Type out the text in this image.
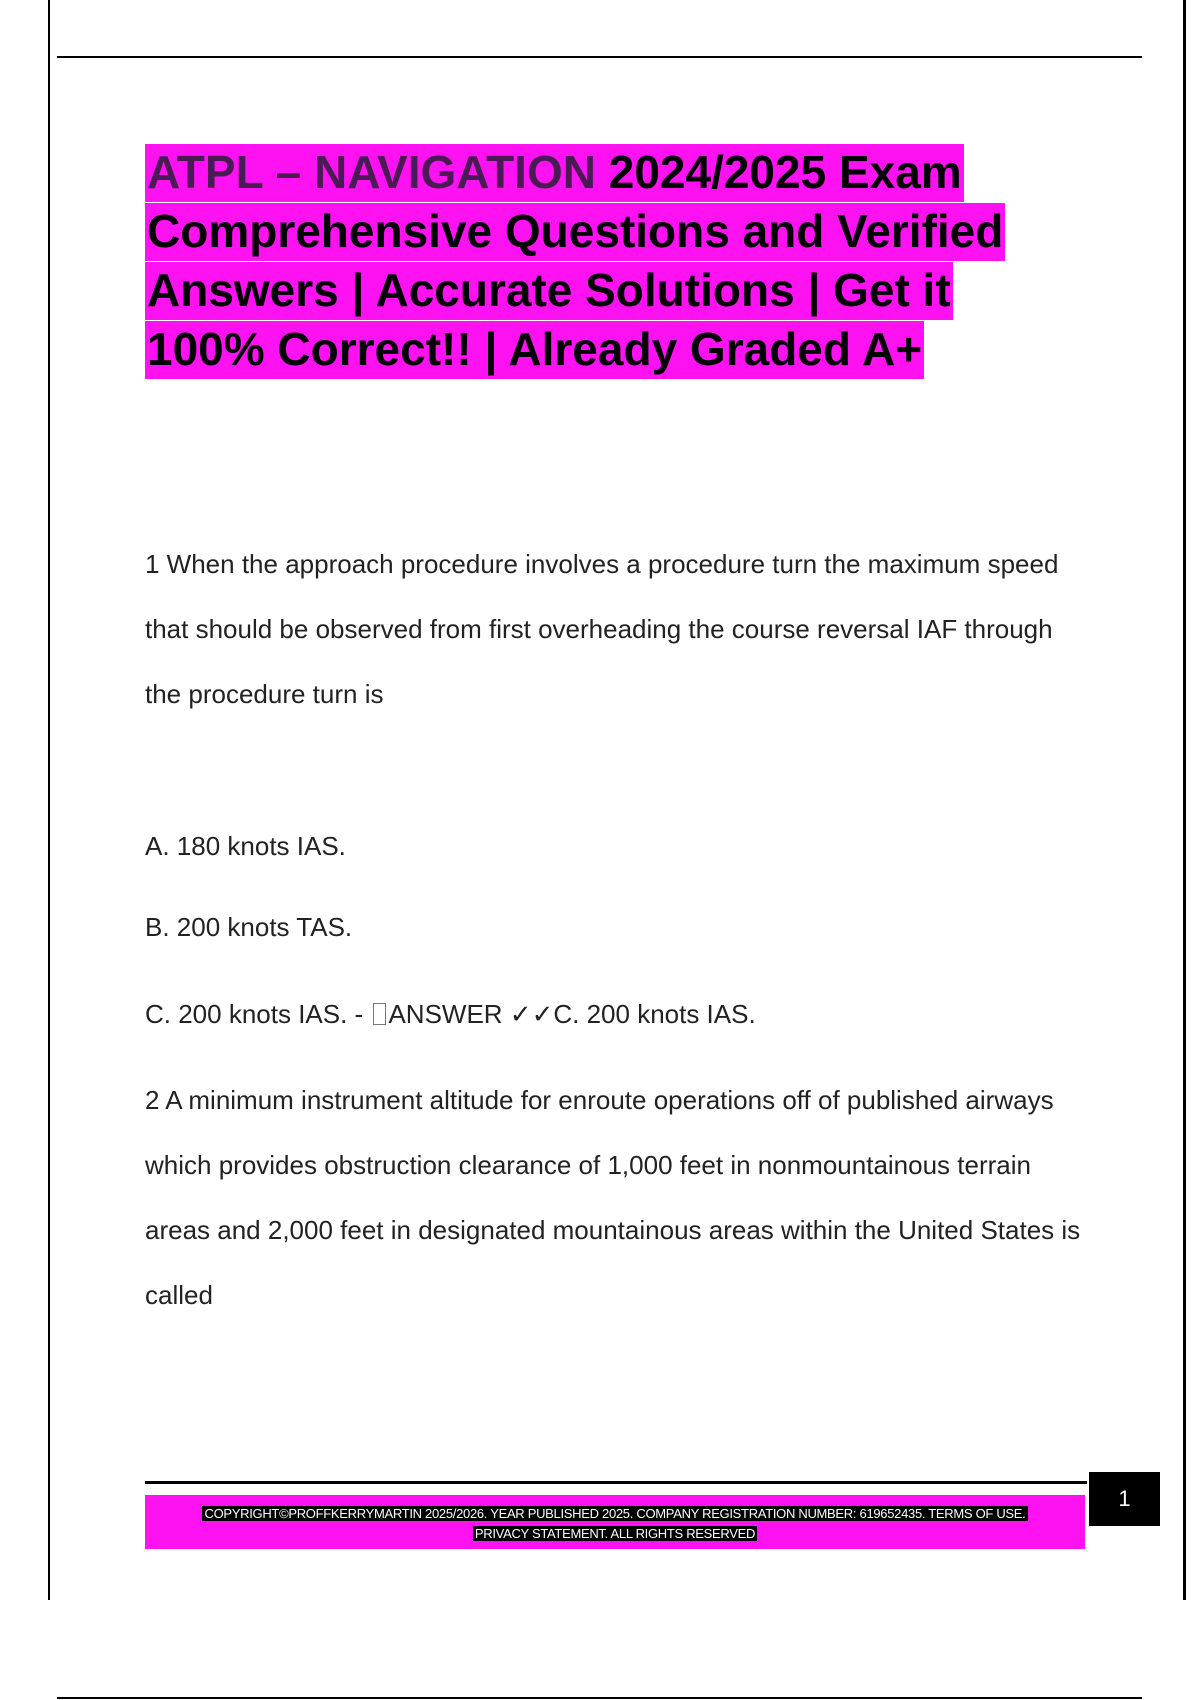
ATPL – NAVIGATION 2024/2025 Exam
Comprehensive Questions and Verified
Answers | Accurate Solutions | Get it
100% Correct!! | Already Graded A+

1 When the approach procedure involves a procedure turn the maximum speed that should be observed from first overheading the course reversal IAF through the procedure turn is

A. 180 knots IAS.

B. 200 knots TAS.

C. 200 knots IAS. - ANSWER ✓✓C. 200 knots IAS.

2 A minimum instrument altitude for enroute operations off of published airways which provides obstruction clearance of 1,000 feet in nonmountainous terrain areas and 2,000 feet in designated mountainous areas within the United States is called

COPYRIGHT©PROFFKERRYMARTIN 2025/2026. YEAR PUBLISHED 2025. COMPANY REGISTRATION NUMBER: 619652435. TERMS OF USE.
PRIVACY STATEMENT. ALL RIGHTS RESERVED

1
